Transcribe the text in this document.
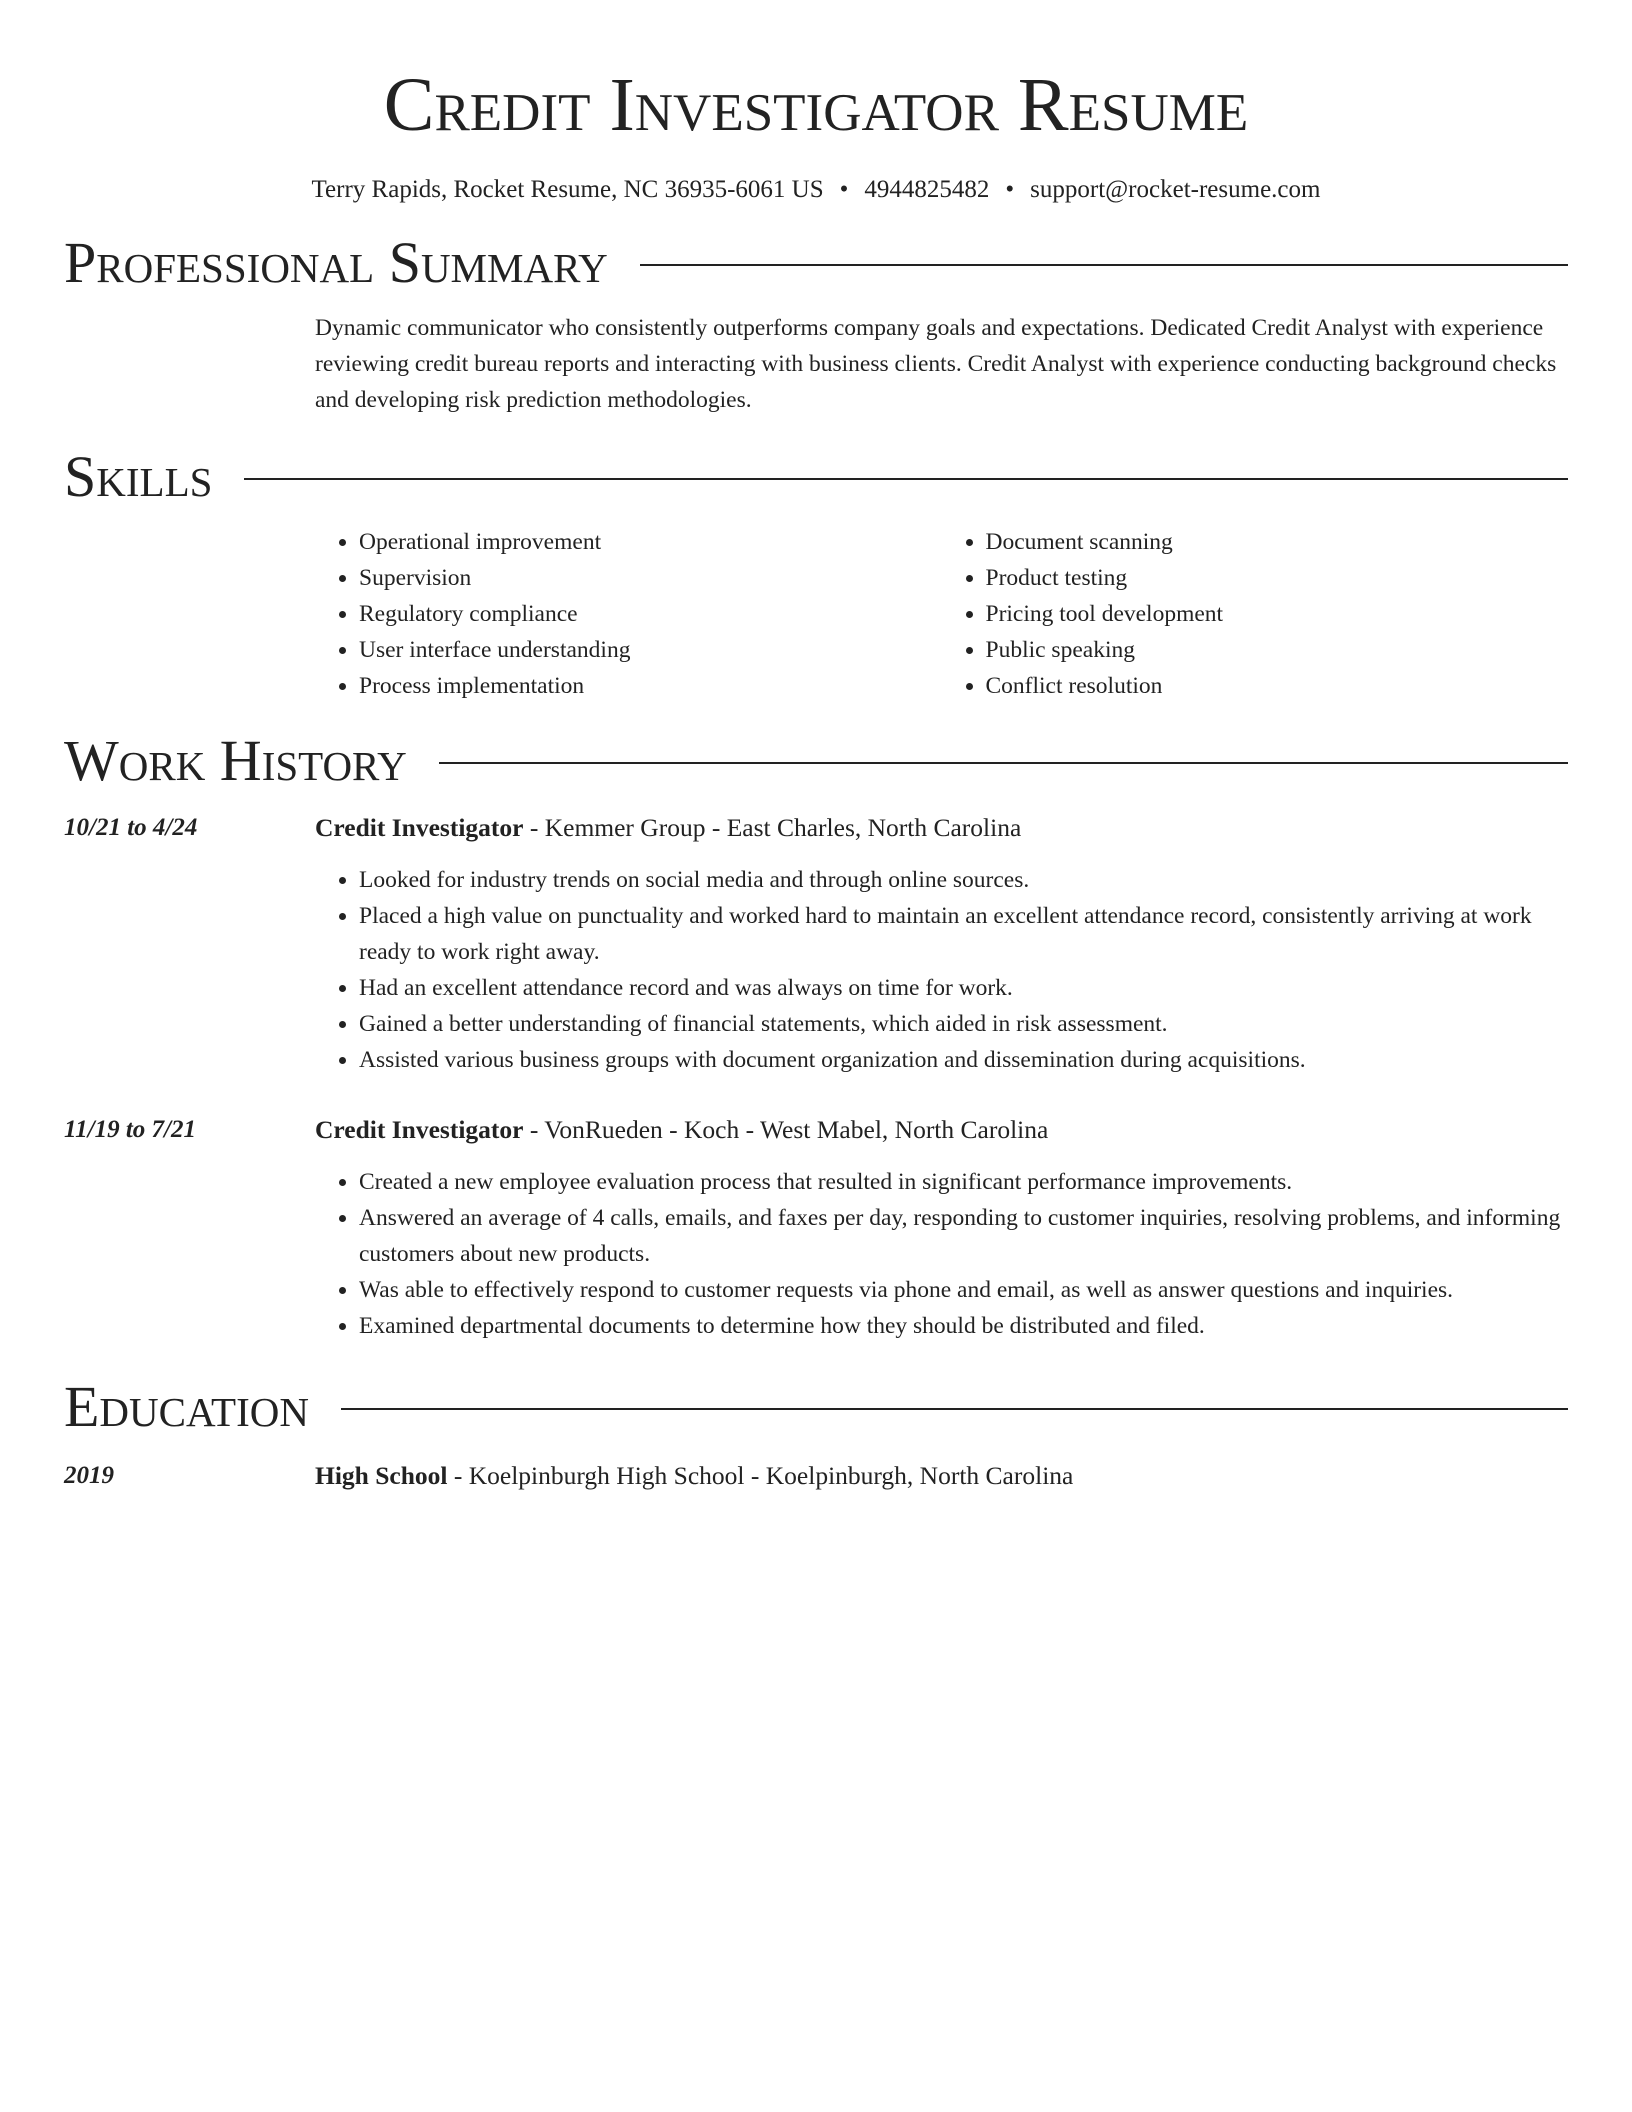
Credit Investigator Resume
Terry Rapids, Rocket Resume, NC 36935-6061 US • 4944825482 • support@rocket-resume.com
Professional Summary

Dynamic communicator who consistently outperforms company goals and expectations. Dedicated Credit Analyst with experience reviewing credit bureau reports and interacting with business clients. Credit Analyst with experience conducting background checks and developing risk prediction methodologies.

Skills
• Operational improvement
• Supervision
• Regulatory compliance
• User interface understanding
• Process implementation
• Document scanning
• Product testing
• Pricing tool development
• Public speaking
• Conflict resolution
Work History
10/21 to 4/24	Credit Investigator - Kemmer Group - East Charles, North Carolina
• Looked for industry trends on social media and through online sources.
• Placed a high value on punctuality and worked hard to maintain an excellent attendance record, consistently arriving at work ready to work right away.
• Had an excellent attendance record and was always on time for work.
• Gained a better understanding of financial statements, which aided in risk assessment.
• Assisted various business groups with document organization and dissemination during acquisitions.
11/19 to 7/21	Credit Investigator - VonRueden - Koch - West Mabel, North Carolina
• Created a new employee evaluation process that resulted in significant performance improvements.
• Answered an average of 4 calls, emails, and faxes per day, responding to customer inquiries, resolving problems, and informing customers about new products.
• Was able to effectively respond to customer requests via phone and email, as well as answer questions and inquiries.
• Examined departmental documents to determine how they should be distributed and filed.
Education
2019	High School - Koelpinburgh High School - Koelpinburgh, North Carolina
